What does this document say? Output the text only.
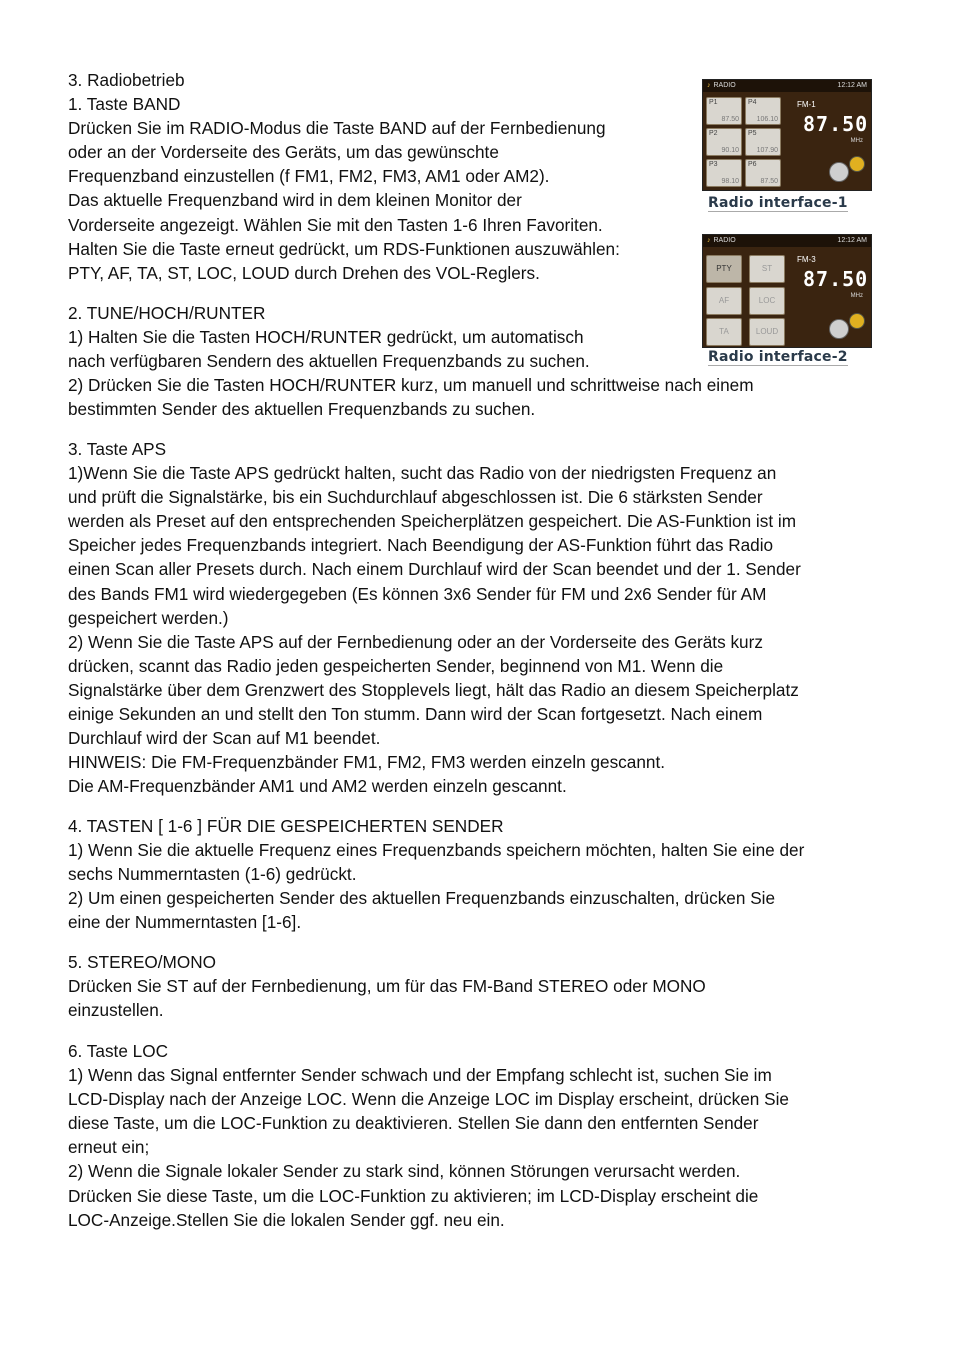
3. Radiobetrieb
1. Taste BAND
Drücken Sie im RADIO-Modus die Taste BAND auf der Fernbedienung
oder an der Vorderseite des Geräts, um das gewünschte
Frequenzband einzustellen (f FM1, FM2, FM3, AM1 oder AM2).
Das aktuelle Frequenzband wird in dem kleinen Monitor der
Vorderseite angezeigt. Wählen Sie mit den Tasten 1-6 Ihren Favoriten.
Halten Sie die Taste erneut gedrückt, um RDS-Funktionen auszuwählen:
PTY, AF, TA, ST, LOC, LOUD durch Drehen des VOL-Reglers.

2. TUNE/HOCH/RUNTER
1) Halten Sie die Tasten HOCH/RUNTER gedrückt, um automatisch
nach verfügbaren Sendern des aktuellen Frequenzbands zu suchen.

2) Drücken Sie die Tasten HOCH/RUNTER kurz, um manuell und schrittweise nach einem
bestimmten Sender des aktuellen Frequenzbands zu suchen.

3. Taste APS
1)Wenn Sie die Taste APS gedrückt halten, sucht das Radio von der niedrigsten Frequenz an
und prüft die Signalstärke, bis ein Suchdurchlauf abgeschlossen ist. Die 6 stärksten Sender
werden als Preset auf den entsprechenden Speicherplätzen gespeichert. Die AS-Funktion ist im
Speicher jedes Frequenzbands integriert. Nach Beendigung der AS-Funktion führt das Radio
einen Scan aller Presets durch. Nach einem Durchlauf wird der Scan beendet und der 1. Sender
des Bands FM1 wird wiedergegeben (Es können 3x6 Sender für FM und 2x6 Sender für AM
gespeichert werden.)
2) Wenn Sie die Taste APS auf der Fernbedienung oder an der Vorderseite des Geräts kurz
drücken, scannt das Radio jeden gespeicherten Sender, beginnend von M1. Wenn die
Signalstärke über dem Grenzwert des Stopplevels liegt, hält das Radio an diesem Speicherplatz
einige Sekunden an und stellt den Ton stumm. Dann wird der Scan fortgesetzt. Nach einem
Durchlauf wird der Scan auf M1 beendet.
HINWEIS: Die FM-Frequenzbänder FM1, FM2, FM3 werden einzeln gescannt.
Die AM-Frequenzbänder AM1 und AM2 werden einzeln gescannt.

4. TASTEN [ 1-6 ] FÜR DIE GESPEICHERTEN SENDER
1) Wenn Sie die aktuelle Frequenz eines Frequenzbands speichern möchten, halten Sie eine der
sechs Nummerntasten (1-6) gedrückt.
2) Um einen gespeicherten Sender des aktuellen Frequenzbands einzuschalten, drücken Sie
eine der Nummerntasten [1-6].

5. STEREO/MONO
Drücken Sie ST auf der Fernbedienung, um für das FM-Band STEREO oder MONO
einzustellen.

6. Taste LOC
1) Wenn das Signal entfernter Sender schwach und der Empfang schlecht ist, suchen Sie im
LCD-Display nach der Anzeige LOC. Wenn die Anzeige LOC im Display erscheint, drücken Sie
diese Taste, um die LOC-Funktion zu deaktivieren. Stellen Sie dann den entfernten Sender
erneut ein;
2) Wenn die Signale lokaler Sender zu stark sind, können Störungen verursacht werden.
Drücken Sie diese Taste, um die LOC-Funktion zu aktivieren; im LCD-Display erscheint die
LOC-Anzeige.Stellen Sie die lokalen Sender ggf. neu ein.

♪ RADIO	12:12 AM
P1
87.50
P4
106.10
P2
90.10
P5
107.90
P3
98.10
P6
87.50
FM-1
87.50
MHz
Radio interface-1
♪ RADIO	12:12 AM
PTY	ST
AF	LOC
TA	LOUD
FM-3
87.50
MHz
Radio interface-2
